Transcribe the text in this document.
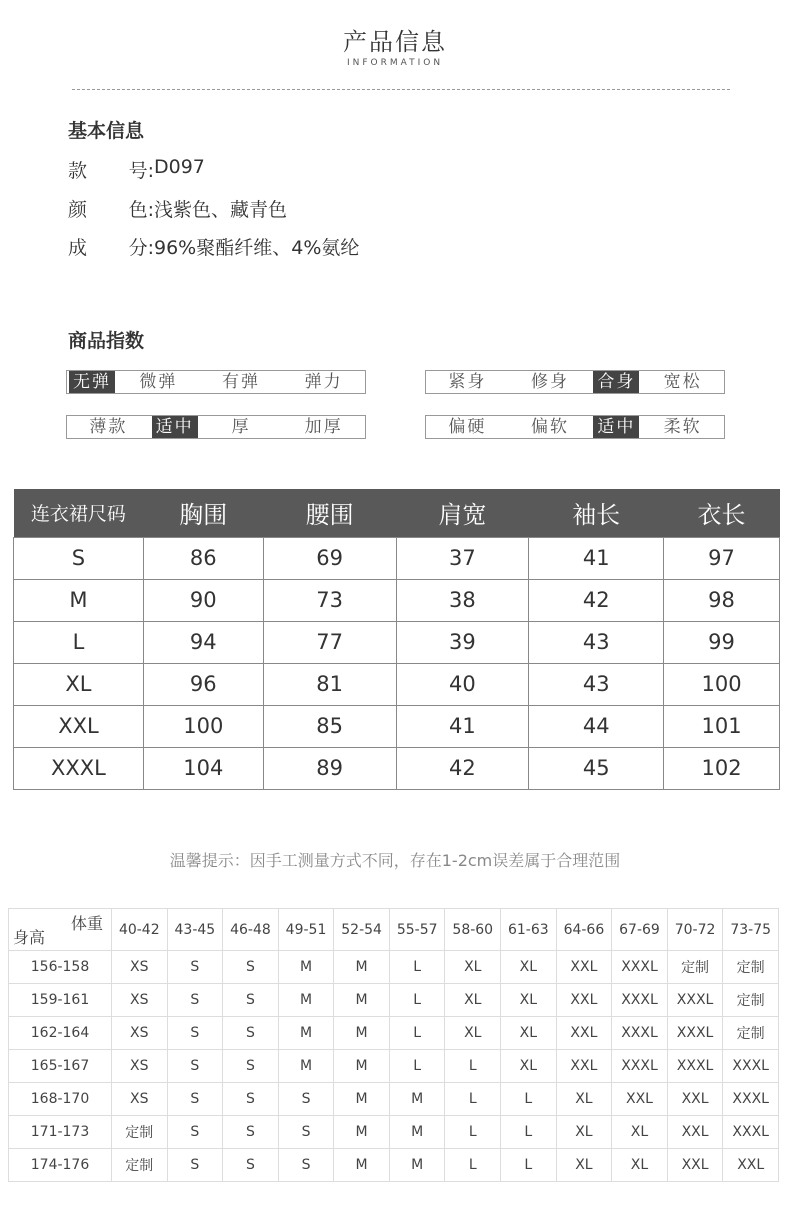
产品信息
INFORMATION
基本信息
款 号: D097
颜 色: 浅紫色、藏青色
成 分: 96%聚酯纤维、4%氨纶
商品指数
无弹	微弹	有弹	弹力	紧身	修身	合身	宽松
薄款	适中	厚	加厚	偏硬	偏软	适中	柔软
连衣裙尺码	胸围	腰围	肩宽	袖长	衣长
S	86	69	37	41	97
M	90	73	38	42	98
L	94	77	39	43	99
XL	96	81	40	43	100
XXL	100	85	41	44	101
XXXL	104	89	42	45	102
温馨提示：因手工测量方式不同，存在1-2cm误差属于合理范围
体重
身高	40-42	43-45	46-48	49-51	52-54	55-57	58-60	61-63	64-66	67-69	70-72	73-75
156-158	XS	S	S	M	M	L	XL	XL	XXL	XXXL	定制	定制
159-161	XS	S	S	M	M	L	XL	XL	XXL	XXXL	XXXL	定制
162-164	XS	S	S	M	M	L	XL	XL	XXL	XXXL	XXXL	定制
165-167	XS	S	S	M	M	L	L	XL	XXL	XXXL	XXXL	XXXL
168-170	XS	S	S	S	M	M	L	L	XL	XXL	XXL	XXXL
171-173	定制	S	S	S	M	M	L	L	XL	XL	XXL	XXXL
174-176	定制	S	S	S	M	M	L	L	XL	XL	XXL	XXL
